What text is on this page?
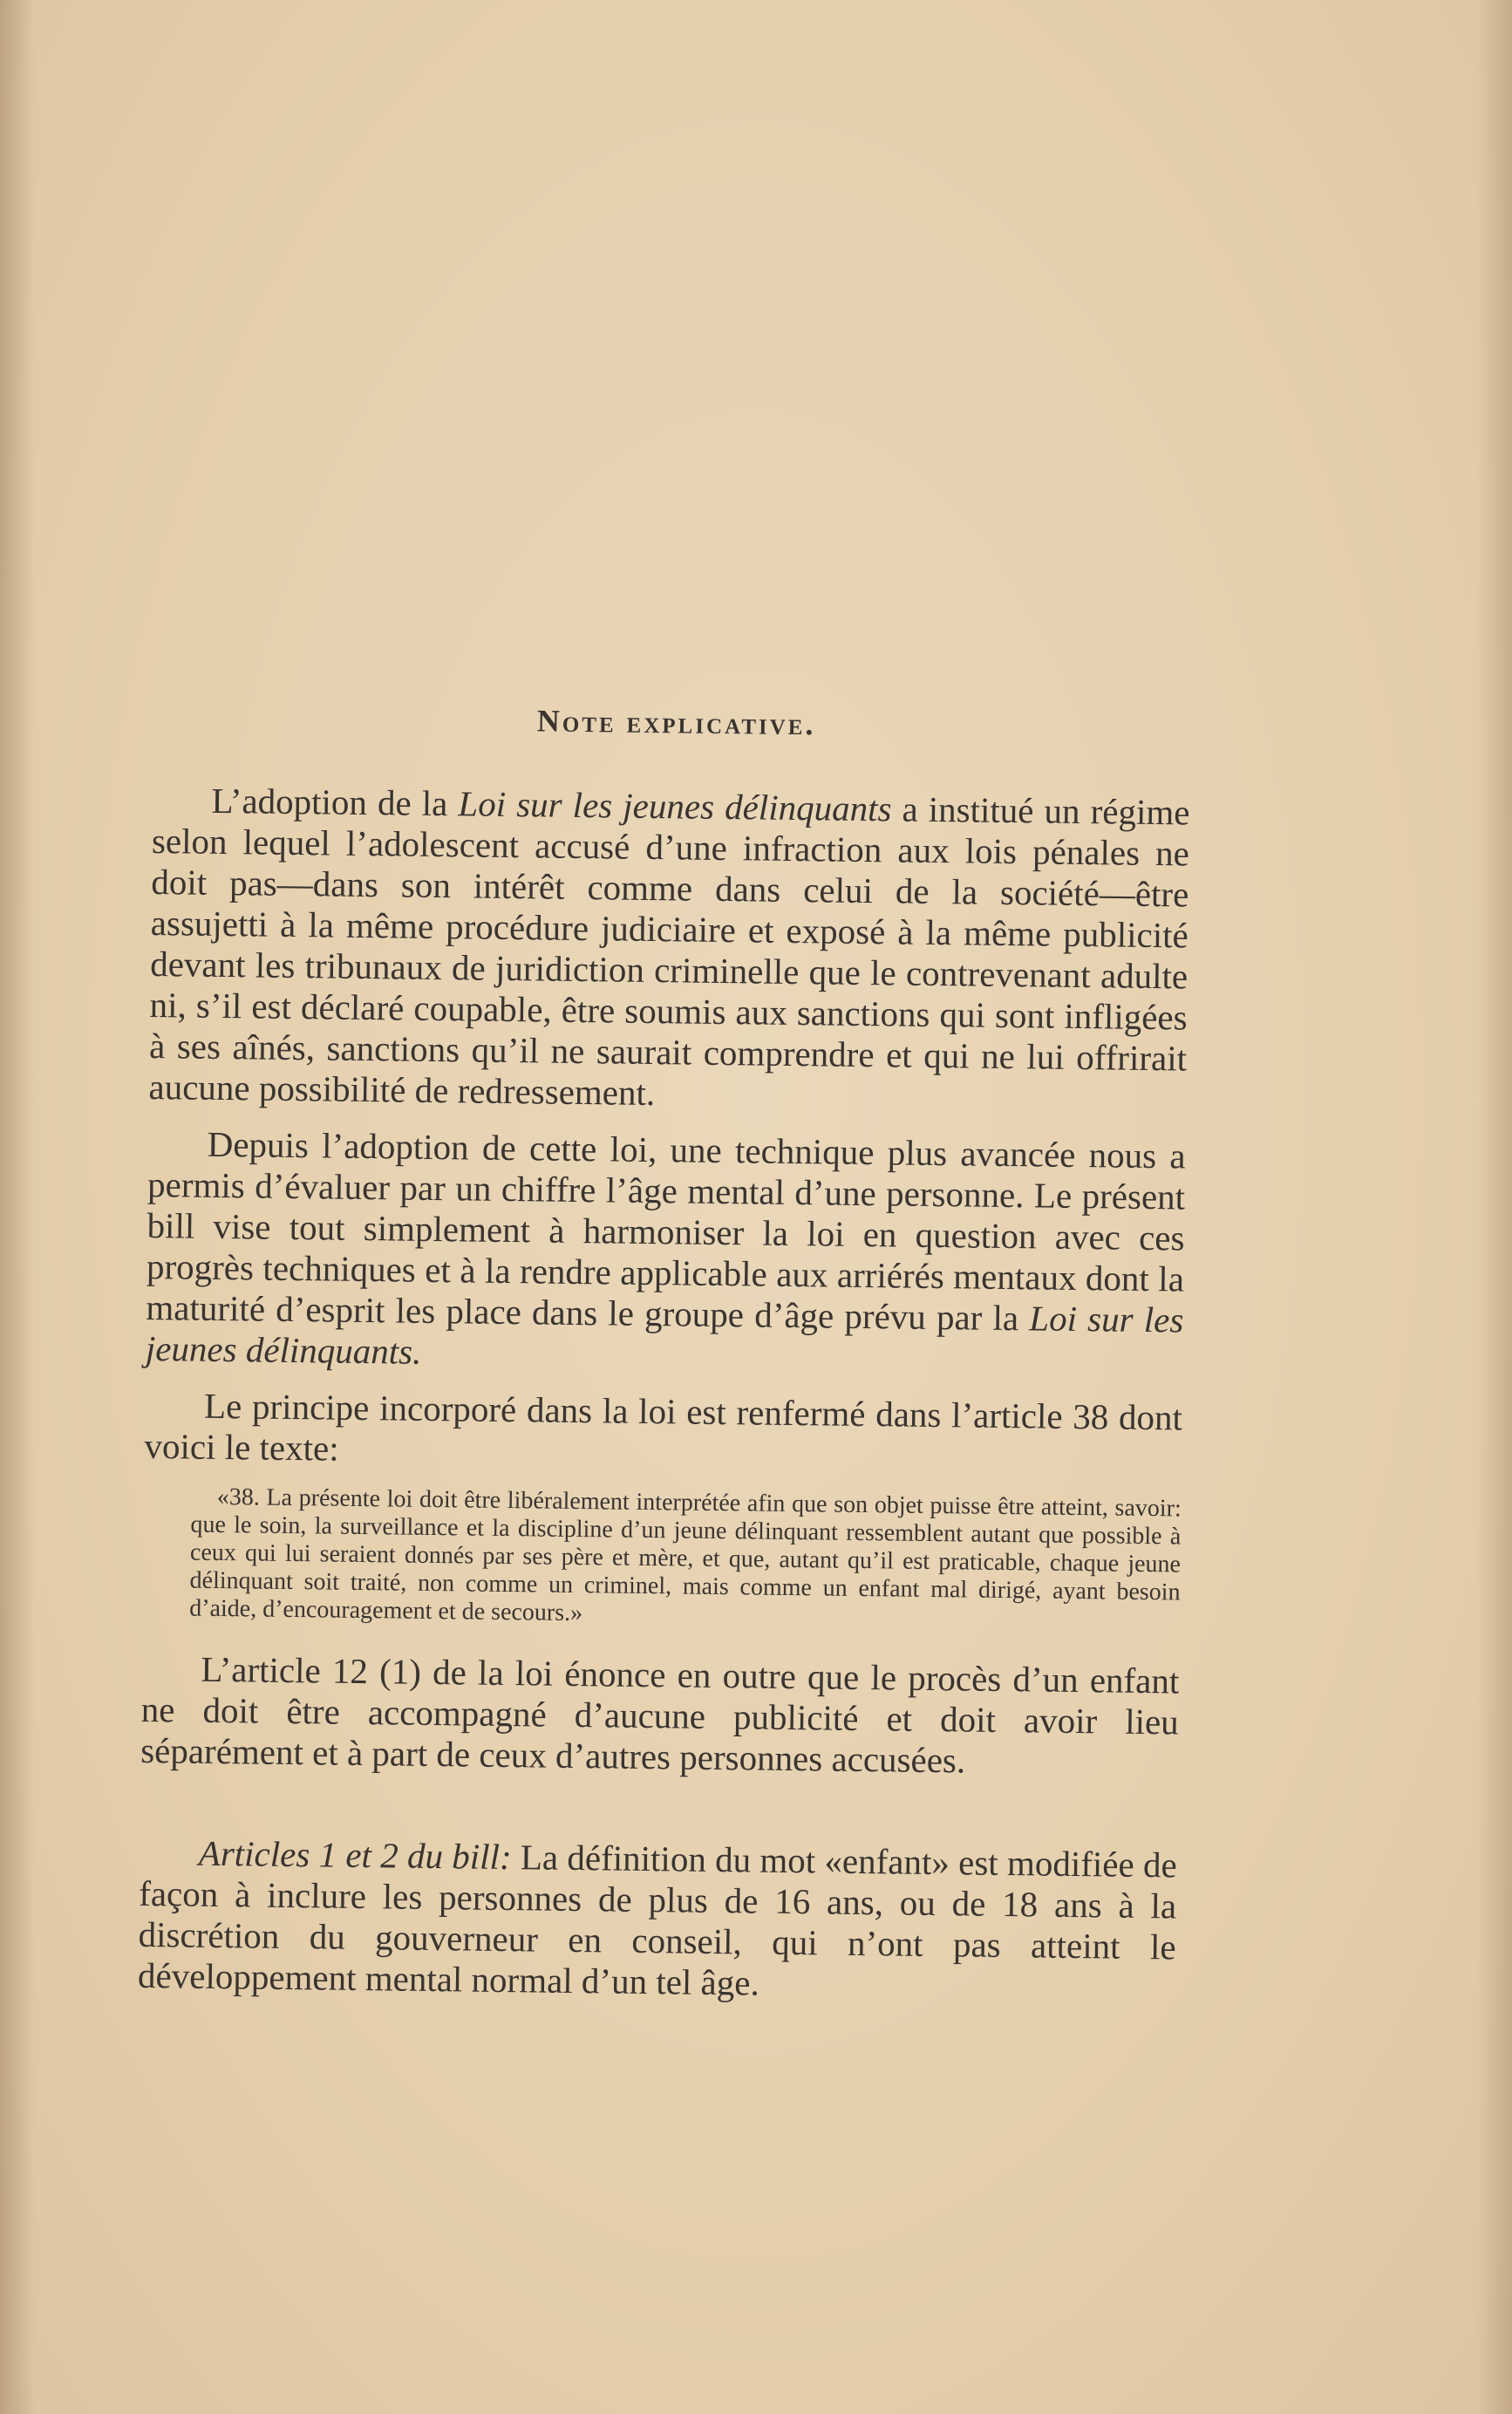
Note explicative.

L’adoption de la Loi sur les jeunes délinquants a institué un régime selon lequel l’adolescent accusé d’une infraction aux lois pénales ne doit pas—dans son intérêt comme dans celui de la société—être assujetti à la même procédure judiciaire et exposé à la même publicité devant les tribunaux de juridiction criminelle que le contrevenant adulte ni, s’il est déclaré coupable, être soumis aux sanctions qui sont infligées à ses aînés, sanctions qu’il ne saurait comprendre et qui ne lui offrirait aucune possibilité de redressement.

Depuis l’adoption de cette loi, une technique plus avancée nous a permis d’évaluer par un chiffre l’âge mental d’une personne. Le présent bill vise tout simplement à harmoniser la loi en question avec ces progrès techniques et à la rendre applicable aux arriérés mentaux dont la maturité d’esprit les place dans le groupe d’âge prévu par la Loi sur les jeunes délinquants.

Le principe incorporé dans la loi est renfermé dans l’article 38 dont voici le texte:

«38. La présente loi doit être libéralement interprétée afin que son objet puisse être atteint, savoir: que le soin, la surveillance et la discipline d’un jeune délinquant ressemblent autant que possible à ceux qui lui seraient donnés par ses père et mère, et que, autant qu’il est praticable, chaque jeune délinquant soit traité, non comme un criminel, mais comme un enfant mal dirigé, ayant besoin d’aide, d’encouragement et de secours.»

L’article 12 (1) de la loi énonce en outre que le procès d’un enfant ne doit être accompagné d’aucune publicité et doit avoir lieu séparément et à part de ceux d’autres personnes accusées.

Articles 1 et 2 du bill: La définition du mot «enfant» est modifiée de façon à inclure les personnes de plus de 16 ans, ou de 18 ans à la discrétion du gouverneur en conseil, qui n’ont pas atteint le développement mental normal d’un tel âge.
